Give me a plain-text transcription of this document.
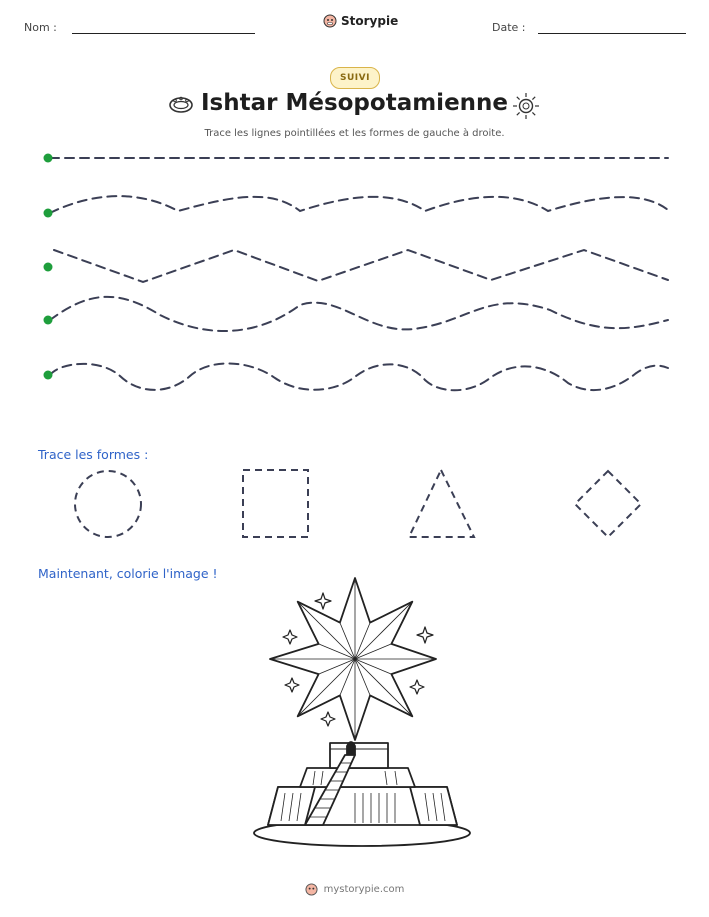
Nom :	Storypie	Date :
SUIVI
Ishtar Mésopotamienne
Trace les lignes pointillées et les formes de gauche à droite.
Trace les formes :
Maintenant, colorie l'image !
mystorypie.com
